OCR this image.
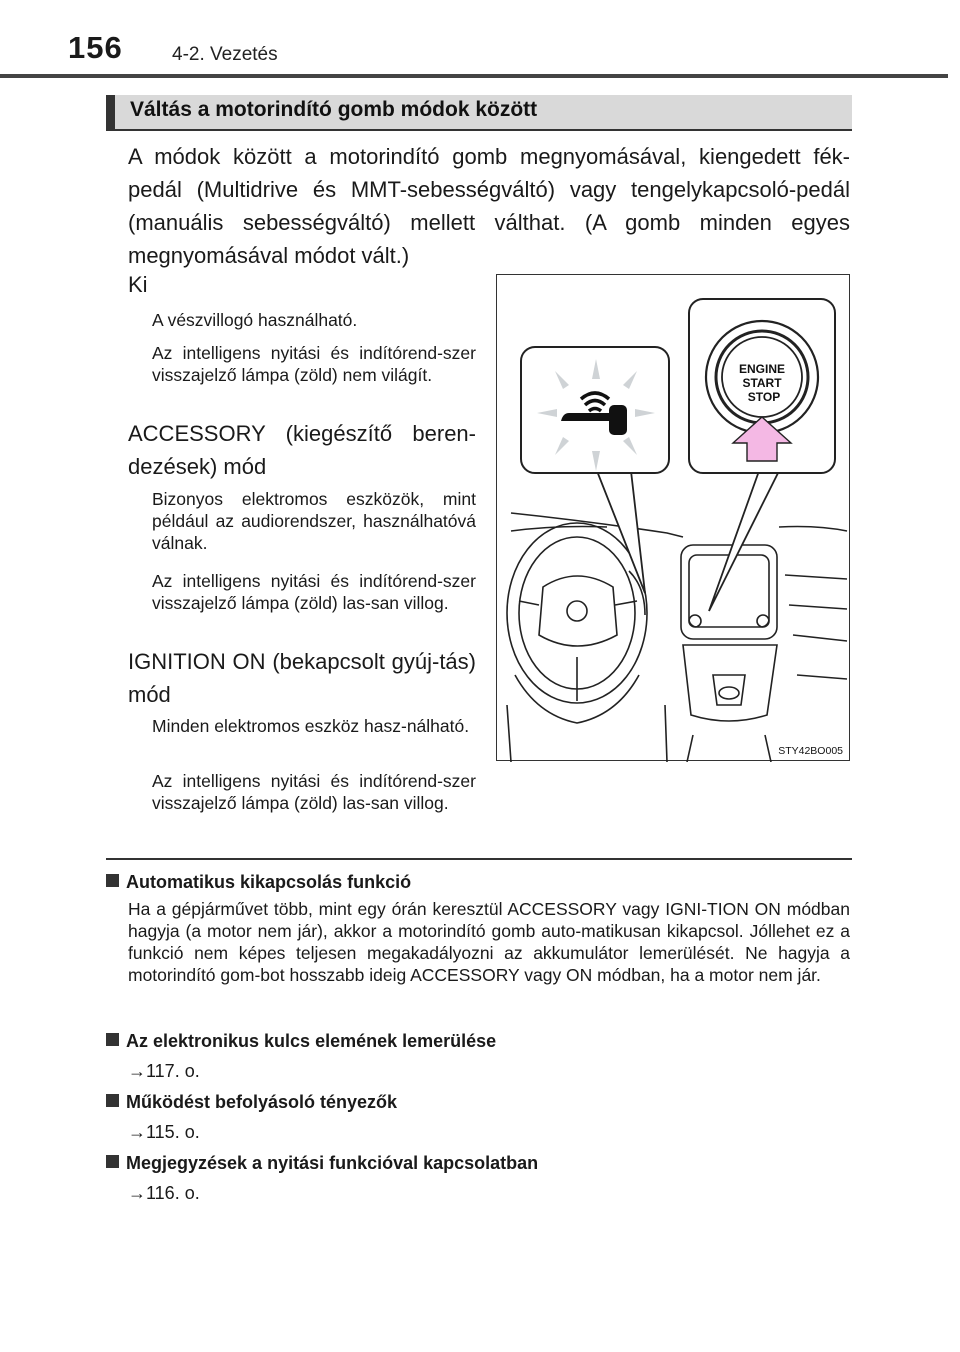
156	4-2. Vezetés
Váltás a motorindító gomb módok között

A módok között a motorindító gomb megnyomásával, kiengedett fék-pedál (Multidrive és MMT-sebességváltó) vagy tengelykapcsoló-pedál (manuális sebességváltó) mellett válthat. (A gomb minden egyes megnyomásával módot vált.)

Ki
A vészvillogó használható.
Az intelligens nyitási és indítórend-szer visszajelző lámpa (zöld) nem világít.
ACCESSORY (kiegészítő beren-dezések) mód
Bizonyos elektromos eszközök, mint például az audiorendszer, használhatóvá válnak.
Az intelligens nyitási és indítórend-szer visszajelző lámpa (zöld) las-san villog.
IGNITION ON (bekapcsolt gyúj-tás) mód
Minden elektromos eszköz hasz-nálható.
Az intelligens nyitási és indítórend-szer visszajelző lámpa (zöld) las-san villog.
ENGINE
START
STOP
STY42BO005
Automatikus kikapcsolás funkció
Ha a gépjárművet több, mint egy órán keresztül ACCESSORY vagy IGNI-TION ON módban hagyja (a motor nem jár), akkor a motorindító gomb auto-matikusan kikapcsol. Jóllehet ez a funkció nem képes teljesen megakadályozni az akkumulátor lemerülését. Ne hagyja a motorindító gom-bot hosszabb ideig ACCESSORY vagy ON módban, ha a motor nem jár.
Az elektronikus kulcs elemének lemerülése
→117. o.
Működést befolyásoló tényezők
→115. o.
Megjegyzések a nyitási funkcióval kapcsolatban
→116. o.
